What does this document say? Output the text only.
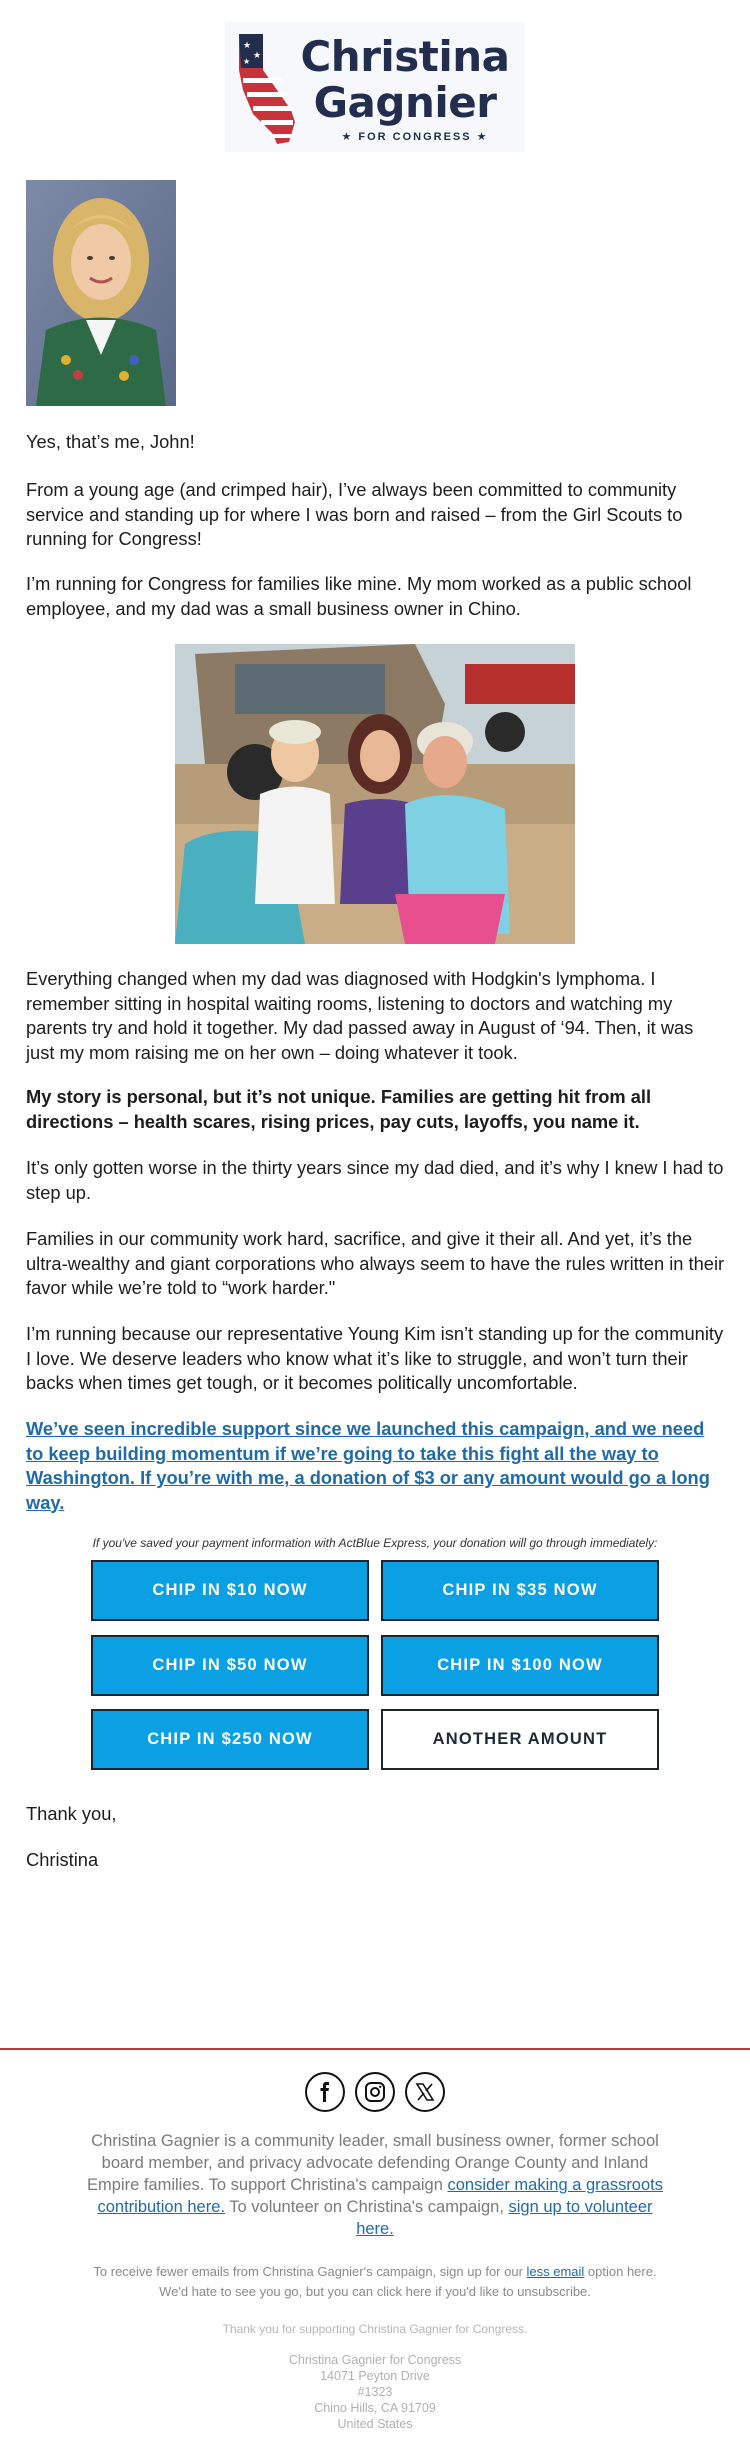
★
★
★	Christina
Gagnier
★ FOR CONGRESS ★
Yes, that’s me, John!
From a young age (and crimped hair), I’ve always been committed to community service and standing up for where I was born and raised – from the Girl Scouts to running for Congress!
I’m running for Congress for families like mine. My mom worked as a public school employee, and my dad was a small business owner in Chino.
Everything changed when my dad was diagnosed with Hodgkin's lymphoma. I remember sitting in hospital waiting rooms, listening to doctors and watching my parents try and hold it together. My dad passed away in August of ‘94. Then, it was just my mom raising me on her own – doing whatever it took.
My story is personal, but it’s not unique. Families are getting hit from all directions – health scares, rising prices, pay cuts, layoffs, you name it.
It’s only gotten worse in the thirty years since my dad died, and it’s why I knew I had to step up.
Families in our community work hard, sacrifice, and give it their all. And yet, it’s the ultra-wealthy and giant corporations who always seem to have the rules written in their favor while we’re told to “work harder."
I’m running because our representative Young Kim isn’t standing up for the community I love. We deserve leaders who know what it’s like to struggle, and won’t turn their backs when times get tough, or it becomes politically uncomfortable.
We’ve seen incredible support since we launched this campaign, and we need to keep building momentum if we’re going to take this fight all the way to Washington. If you’re with me, a donation of $3 or any amount would go a long way.
If you've saved your payment information with ActBlue Express, your donation will go through immediately:
CHIP IN $10 NOW	CHIP IN $35 NOW
CHIP IN $50 NOW	CHIP IN $100 NOW
CHIP IN $250 NOW	ANOTHER AMOUNT
Thank you,
Christina
Christina Gagnier is a community leader, small business owner, former school board member, and privacy advocate defending Orange County and Inland Empire families. To support Christina's campaign consider making a grassroots contribution here. To volunteer on Christina's campaign, sign up to volunteer here.
To receive fewer emails from Christina Gagnier's campaign, sign up for our less email option here. We'd hate to see you go, but you can click here if you'd like to unsubscribe.
Thank you for supporting Christina Gagnier for Congress.
Christina Gagnier for Congress
14071 Peyton Drive
#1323
Chino Hills, CA 91709
United States
